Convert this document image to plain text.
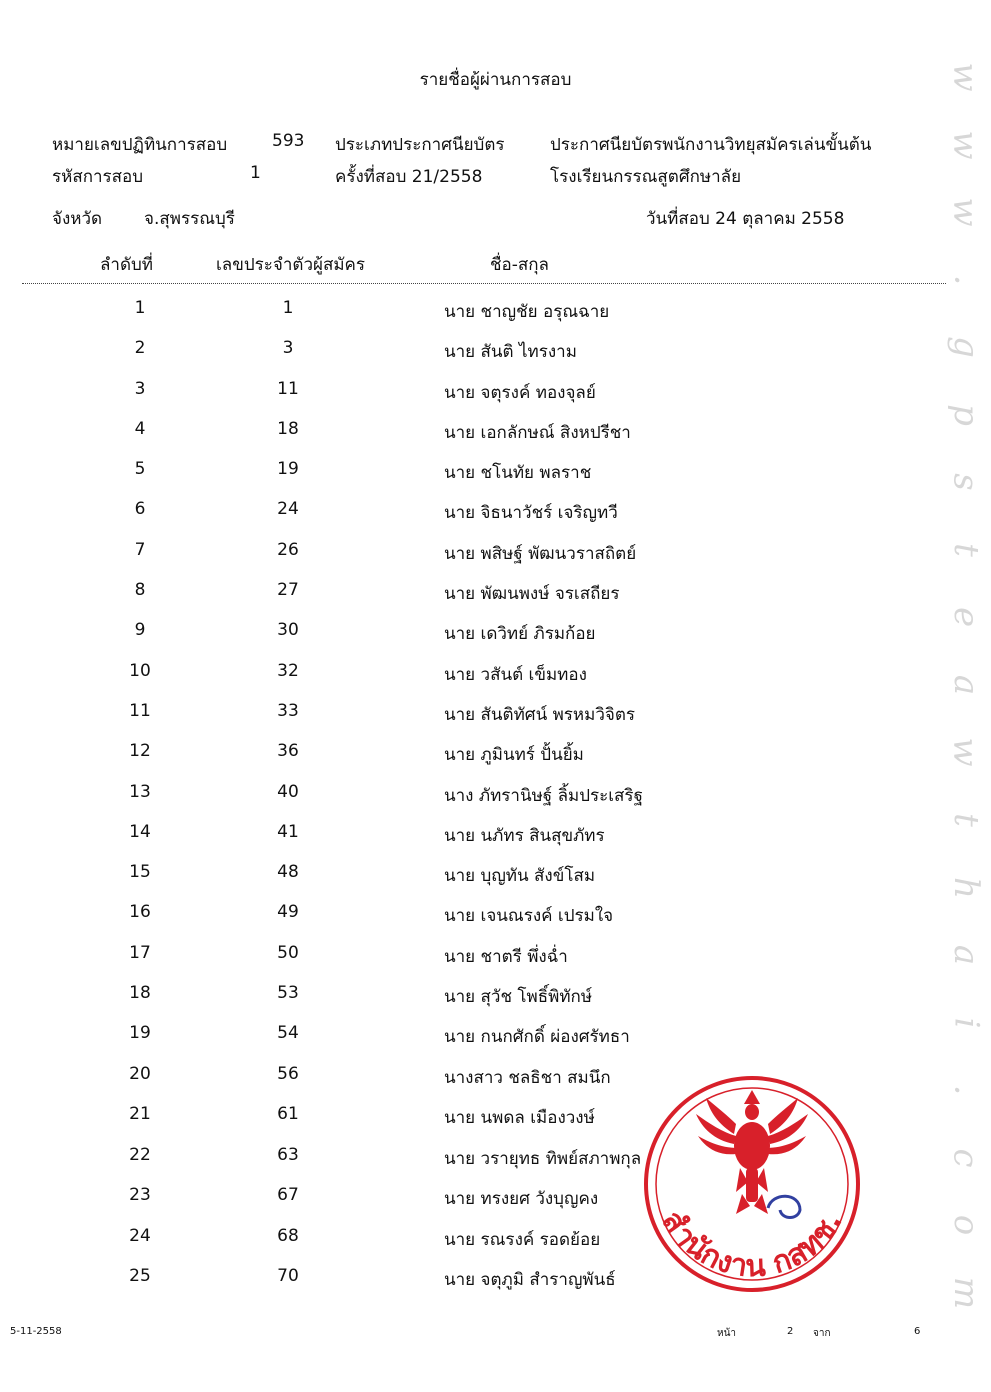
รายชื่อผู้ผ่านการสอบ
หมายเลขปฏิทินการสอบ	593 ประเภทประกาศนียบัตร	ประกาศนียบัตรพนักงานวิทยุสมัครเล่นขั้นต้น
รหัสการสอบ	1	ครั้งที่สอบ 21/2558	โรงเรียนกรรณสูตศึกษาลัย
จังหวัด จ.สุพรรณบุรี	วันที่สอบ 24 ตุลาคม 2558
ลำดับที่	เลขประจำตัวผู้สมัคร	ชื่อ-สกุล
1	1	นาย ชาญชัย อรุณฉาย
2	3	นาย สันติ ไทรงาม
3	11	นาย จตุรงค์ ทองจุลย์
4	18	นาย เอกลักษณ์ สิงหปรีชา
5	19	นาย ชโนทัย พลราช
6	24	นาย จิธนาวัชร์ เจริญทวี
7	26	นาย พสิษฐ์ พัฒนวราสถิตย์
8	27	นาย พัฒนพงษ์ จรเสถียร
9	30	นาย เดวิทย์ ภิรมก้อย
10	32	นาย วสันต์ เข็มทอง
11	33	นาย สันติทัศน์ พรหมวิจิตร
12	36	นาย ภูมินทร์ ปั้นยิ้ม
13	40	นาง ภัทรานิษฐ์ ลิ้มประเสริฐ
14	41	นาย นภัทร สินสุขภัทร
15	48	นาย บุญทัน สังข์โสม
16	49	นาย เจนณรงค์ เปรมใจ
17	50	นาย ชาตรี พึ่งฉ่ำ
18	53	นาย สุวัช โพธิ์พิทักษ์
19	54	นาย กนกศักดิ์ ผ่องศรัทธา
20	56	นางสาว ชลธิชา สมนึก
21	61	นาย นพดล เมืองวงษ์
22	63	นาย วรายุทธ ทิพย์สภาพกุล
23	67	นาย ทรงยศ วังบุญคง
24	68	นาย รณรงค์ รอดย้อย
25	70	นาย จตุภูมิ สำราญพันธ์
สำนักงาน กสทช.
w
w
w
.
g
p
s
t
e
a
w
t
h
a
i
.
c
o
m
5-11-2558	หน้า	2 จาก	6
